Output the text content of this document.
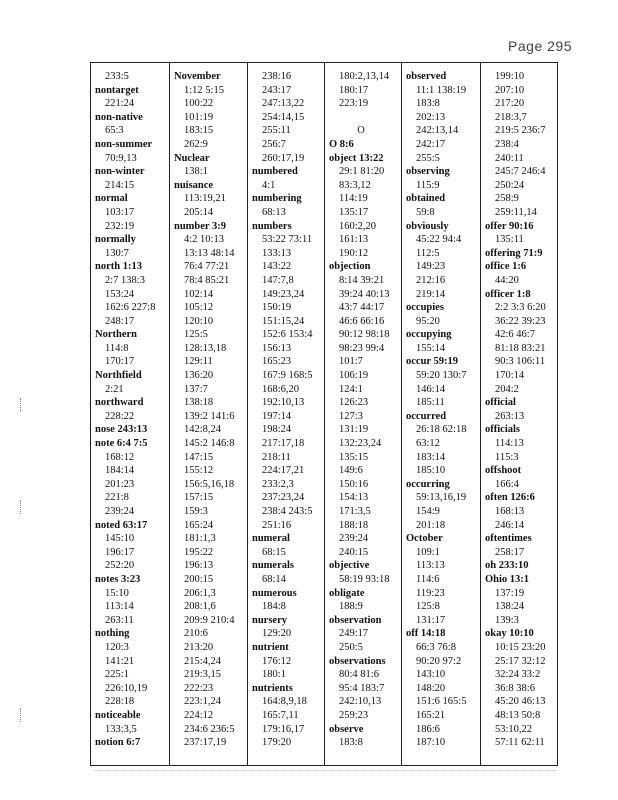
Page 295
233:5
nontarget
221:24
non-native
65:3
non-summer
70:9,13
non-winter
214:15
normal
103:17
232:19
normally
130:7
north 1:13
2:7 138:3
153:24
162:6 227:8
248:17
Northern
114:8
170:17
Northfield
2:21
northward
228:22
nose 243:13
note 6:4 7:5
168:12
184:14
201:23
221:8
239:24
noted 63:17
145:10
196:17
252:20
notes 3:23
15:10
113:14
263:11
nothing
120:3
141:21
225:1
226:10,19
228:18
noticeable
133:3,5
notion 6:7
November
1:12 5:15
100:22
101:19
183:15
262:9
Nuclear
138:1
nuisance
113:19,21
205:14
number 3:9
4:2 10:13
13:13 48:14
76:4 77:21
78:4 85:21
102:14
105:12
120:10
125:5
128:13,18
129:11
136:20
137:7
138:18
139:2 141:6
142:8,24
145:2 146:8
147:15
155:12
156:5,16,18
157:15
159:3
165:24
181:1,3
195:22
196:13
200:15
206:1,3
208:1,6
209:9 210:4
210:6
213:20
215:4,24
219:3,15
222:23
223:1,24
224:12
234:6 236:5
237:17,19
238:16
243:17
247:13,22
254:14,15
255:11
256:7
260:17,19
numbered
4:1
numbering
68:13
numbers
53:22 73:11
133:13
143:22
147:7,8
149:23,24
150:19
151:15,24
152:6 153:4
156:13
165:23
167:9 168:5
168:6,20
192:10,13
197:14
198:24
217:17,18
218:11
224:17,21
233:2,3
237:23,24
238:4 243:5
251:16
numeral
68:15
numerals
68:14
numerous
184:8
nursery
129:20
nutrient
176:12
180:1
nutrients
164:8,9,18
165:7,11
179:16,17
179:20
180:2,13,14
180:17
223:19

O
O 8:6
object 13:22
29:1 81:20
83:3,12
114:19
135:17
160:2,20
161:13
190:12
objection
8:14 39:21
39:24 40:13
43:7 44:17
46:6 66:16
90:12 98:18
98:23 99:4
101:7
106:19
124:1
126:23
127:3
131:19
132:23,24
135:15
149:6
150:16
154:13
171:3,5
188:18
239:24
240:15
objective
58:19 93:18
obligate
188:9
observation
249:17
250:5
observations
80:4 81:6
95:4 183:7
242:10,13
259:23
observe
183:8
observed
11:1 138:19
183:8
202:13
242:13,14
242:17
255:5
observing
115:9
obtained
59:8
obviously
45:22 94:4
112:5
149:23
212:16
219:14
occupies
95:20
occupying
155:14
occur 59:19
59:20 130:7
146:14
185:11
occurred
26:18 62:18
63:12
183:14
185:10
occurring
59:13,16,19
154:9
201:18
October
109:1
113:13
114:6
119:23
125:8
131:17
off 14:18
66:3 76:8
90:20 97:2
143:10
148:20
151:6 165:5
165:21
186:6
187:10
199:10
207:10
217:20
218:3,7
219:5 236:7
238:4
240:11
245:7 246:4
250:24
258:9
259:11,14
offer 90:16
135:11
offering 71:9
office 1:6
44:20
officer 1:8
2:2 3:3 6:20
36:22 39:23
42:6 46:7
81:18 83:21
90:3 106:11
170:14
204:2
official
263:13
officials
114:13
115:3
offshoot
166:4
often 126:6
168:13
246:14
oftentimes
258:17
oh 233:10
Ohio 13:1
137:19
138:24
139:3
okay 10:10
10:15 23:20
25:17 32:12
32:24 33:2
36:8 38:6
45:20 46:13
48:13 50:8
53:10,22
57:11 62:11
